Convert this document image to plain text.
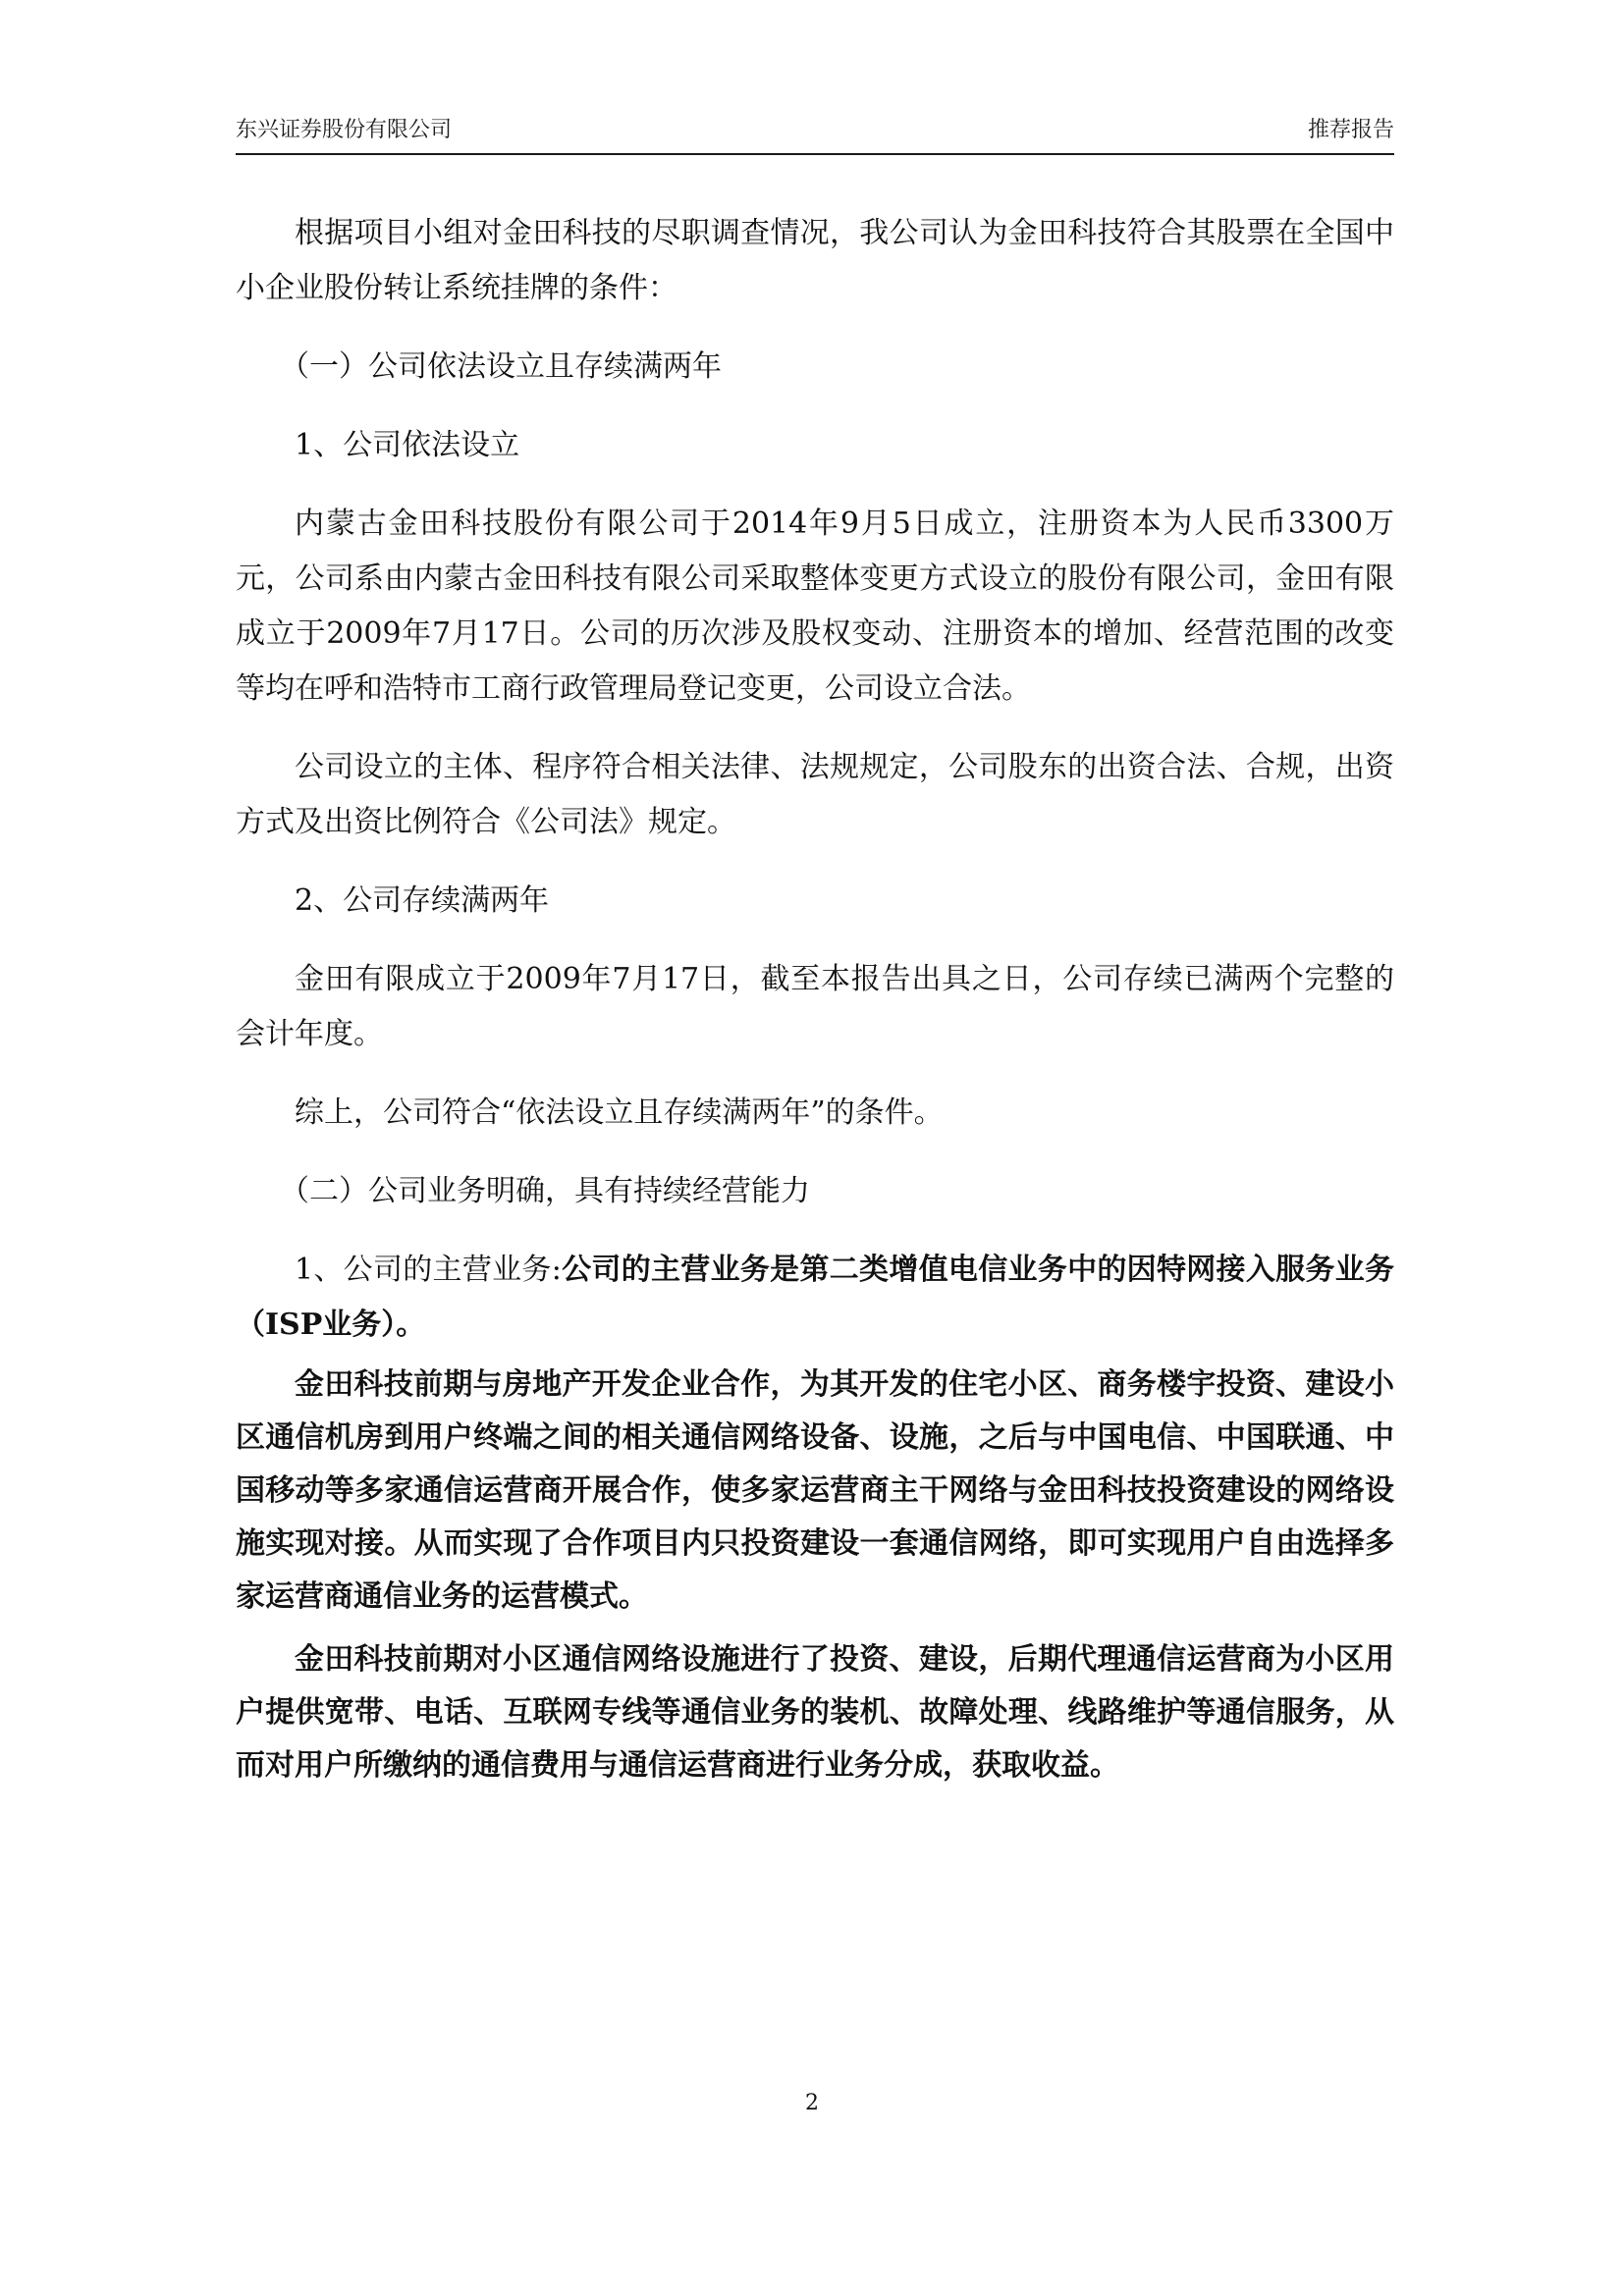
东兴证券股份有限公司	推荐报告

根据项目小组对金田科技的尽职调查情况，我公司认为金田科技符合其股票在全国中小企业股份转让系统挂牌的条件：

（一）公司依法设立且存续满两年

1、公司依法设立

内蒙古金田科技股份有限公司于2014年9月5日成立，注册资本为人民币3300万元，公司系由内蒙古金田科技有限公司采取整体变更方式设立的股份有限公司，金田有限成立于2009年7月17日。公司的历次涉及股权变动、注册资本的增加、经营范围的改变等均在呼和浩特市工商行政管理局登记变更，公司设立合法。

公司设立的主体、程序符合相关法律、法规规定，公司股东的出资合法、合规，出资方式及出资比例符合《公司法》规定。

2、公司存续满两年

金田有限成立于2009年7月17日，截至本报告出具之日，公司存续已满两个完整的会计年度。

综上，公司符合“依法设立且存续满两年”的条件。

（二）公司业务明确，具有持续经营能力

1、公司的主营业务:公司的主营业务是第二类增值电信业务中的因特网接入服务业务（ISP业务）。

金田科技前期与房地产开发企业合作，为其开发的住宅小区、商务楼宇投资、建设小区通信机房到用户终端之间的相关通信网络设备、设施，之后与中国电信、中国联通、中国移动等多家通信运营商开展合作，使多家运营商主干网络与金田科技投资建设的网络设施实现对接。从而实现了合作项目内只投资建设一套通信网络，即可实现用户自由选择多家运营商通信业务的运营模式。

金田科技前期对小区通信网络设施进行了投资、建设，后期代理通信运营商为小区用户提供宽带、电话、互联网专线等通信业务的装机、故障处理、线路维护等通信服务，从而对用户所缴纳的通信费用与通信运营商进行业务分成，获取收益。

2
